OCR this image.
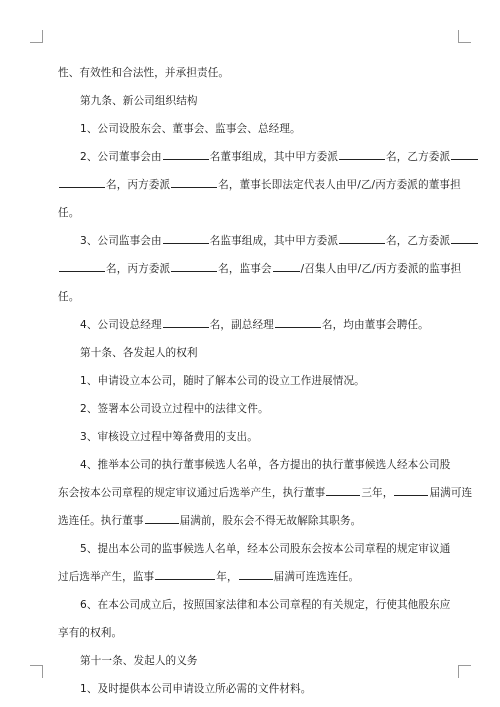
性、有效性和合法性，并承担责任。
第九条、新公司组织结构
1、公司设股东会、董事会、监事会、总经理。
2、公司董事会由	名董事组成，其中甲方委派	名，乙方委派
名，丙方委派	名，董事长即法定代表人由甲/乙/丙方委派的董事担
任。
3、公司监事会由	名监事组成，其中甲方委派	名，乙方委派
名，丙方委派	名，监事会	/召集人由甲/乙/丙方委派的监事担
任。
4、公司设总经理	名，副总经理	名，均由董事会聘任。
第十条、各发起人的权利
1、申请设立本公司，随时了解本公司的设立工作进展情况。
2、签署本公司设立过程中的法律文件。
3、审核设立过程中筹备费用的支出。
4、推举本公司的执行董事候选人名单，各方提出的执行董事候选人经本公司股
东会按本公司章程的规定审议通过后选举产生，执行董事	三年，	届满可连
选连任。执行董事	届满前，股东会不得无故解除其职务。
5、提出本公司的监事候选人名单，经本公司股东会按本公司章程的规定审议通
过后选举产生，监事	年，	届满可连选连任。
6、在本公司成立后，按照国家法律和本公司章程的有关规定，行使其他股东应
享有的权利。
第十一条、发起人的义务
1、及时提供本公司申请设立所必需的文件材料。
